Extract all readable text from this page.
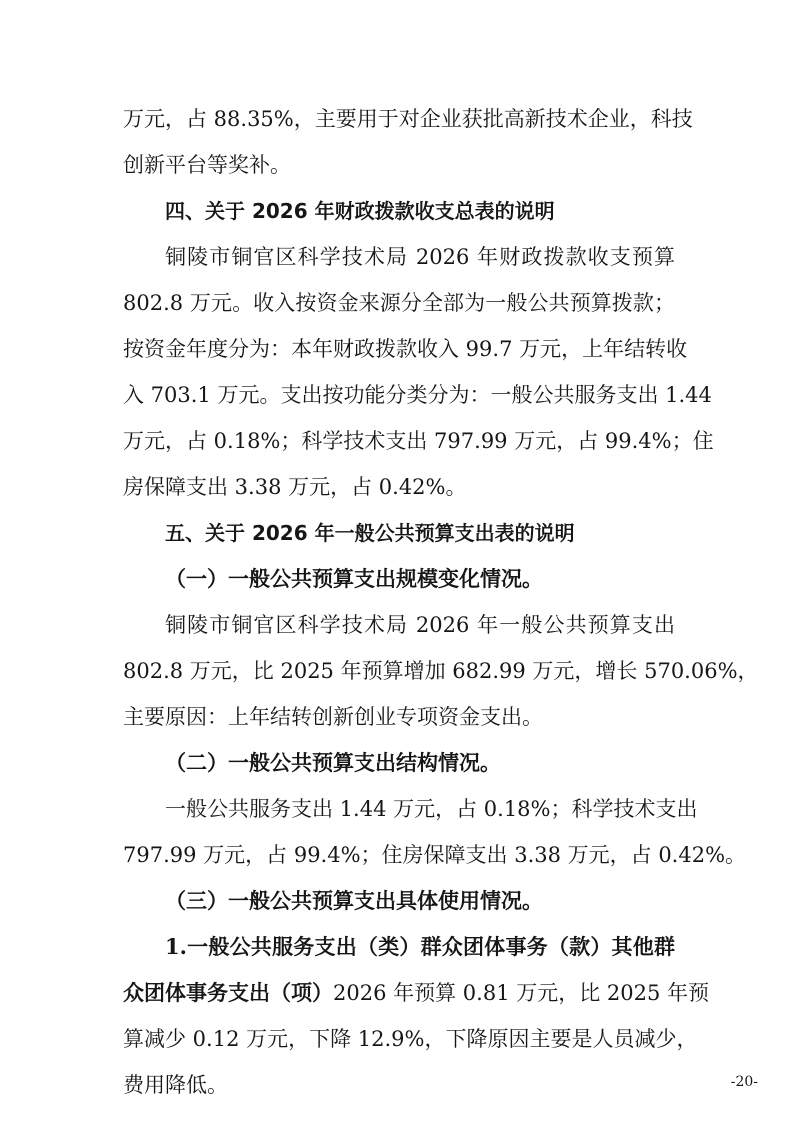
万元，占 88.35%，主要用于对企业获批高新技术企业，科技
创新平台等奖补。
四、关于 2026 年财政拨款收支总表的说明
铜陵市铜官区科学技术局 2026 年财政拨款收支预算
802.8 万元。收入按资金来源分全部为一般公共预算拨款；
按资金年度分为：本年财政拨款收入 99.7 万元，上年结转收
入 703.1 万元。支出按功能分类分为：一般公共服务支出 1.44
万元，占 0.18%；科学技术支出 797.99 万元，占 99.4%；住
房保障支出 3.38 万元，占 0.42%。
五、关于 2026 年一般公共预算支出表的说明
（一）一般公共预算支出规模变化情况。
铜陵市铜官区科学技术局 2026 年一般公共预算支出
802.8 万元，比 2025 年预算增加 682.99 万元，增长 570.06%，
主要原因：上年结转创新创业专项资金支出。
（二）一般公共预算支出结构情况。
一般公共服务支出 1.44 万元，占 0.18%；科学技术支出
797.99 万元，占 99.4%；住房保障支出 3.38 万元，占 0.42%。
（三）一般公共预算支出具体使用情况。
1.一般公共服务支出（类）群众团体事务（款）其他群
众团体事务支出（项）2026 年预算 0.81 万元，比 2025 年预
算减少 0.12 万元，下降 12.9%，下降原因主要是人员减少，
费用降低。	-20-
